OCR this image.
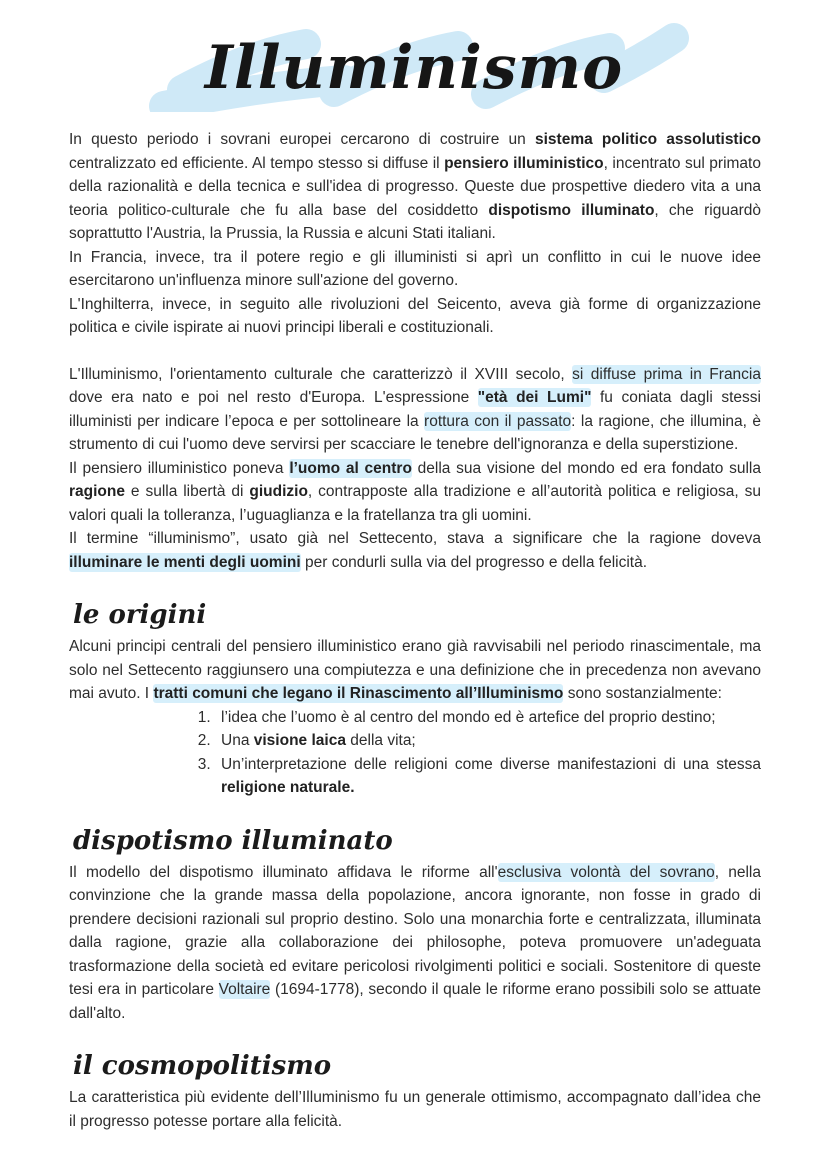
Illuminismo

In questo periodo i sovrani europei cercarono di costruire un sistema politico assolutistico centralizzato ed efficiente. Al tempo stesso si diffuse il pensiero illuministico, incentrato sul primato della razionalità e della tecnica e sull'idea di progresso. Queste due prospettive diedero vita a una teoria politico-culturale che fu alla base del cosiddetto dispotismo illuminato, che riguardò soprattutto l'Austria, la Prussia, la Russia e alcuni Stati italiani.

In Francia, invece, tra il potere regio e gli illuministi si aprì un conflitto in cui le nuove idee esercitarono un'influenza minore sull'azione del governo.

L'Inghilterra, invece, in seguito alle rivoluzioni del Seicento, aveva già forme di organizzazione politica e civile ispirate ai nuovi principi liberali e costituzionali.

L'Illuminismo, l'orientamento culturale che caratterizzò il XVIII secolo, si diffuse prima in Francia dove era nato e poi nel resto d'Europa. L'espressione "età dei Lumi" fu coniata dagli stessi illuministi per indicare l’epoca e per sottolineare la rottura con il passato: la ragione, che illumina, è strumento di cui l'uomo deve servirsi per scacciare le tenebre dell'ignoranza e della superstizione.

Il pensiero illuministico poneva l’uomo al centro della sua visione del mondo ed era fondato sulla ragione e sulla libertà di giudizio, contrapposte alla tradizione e all’autorità politica e religiosa, su valori quali la tolleranza, l’uguaglianza e la fratellanza tra gli uomini.

Il termine “illuminismo”, usato già nel Settecento, stava a significare che la ragione doveva illuminare le menti degli uomini per condurli sulla via del progresso e della felicità.

le origini

Alcuni principi centrali del pensiero illuministico erano già ravvisabili nel periodo rinascimentale, ma solo nel Settecento raggiunsero una compiutezza e una definizione che in precedenza non avevano mai avuto. I tratti comuni che legano il Rinascimento all’Illuminismo sono sostanzialmente:

1. l’idea che l’uomo è al centro del mondo ed è artefice del proprio destino;
2. Una visione laica della vita;
3. Un’interpretazione delle religioni come diverse manifestazioni di una stessa religione naturale.
dispotismo illuminato

Il modello del dispotismo illuminato affidava le riforme all'esclusiva volontà del sovrano, nella convinzione che la grande massa della popolazione, ancora ignorante, non fosse in grado di prendere decisioni razionali sul proprio destino. Solo una monarchia forte e centralizzata, illuminata dalla ragione, grazie alla collaborazione dei philosophe, poteva promuovere un'adeguata trasformazione della società ed evitare pericolosi rivolgimenti politici e sociali. Sostenitore di queste tesi era in particolare Voltaire (1694-1778), secondo il quale le riforme erano possibili solo se attuate dall'alto.

il cosmopolitismo

La caratteristica più evidente dell’Illuminismo fu un generale ottimismo, accompagnato dall’idea che il progresso potesse portare alla felicità.
